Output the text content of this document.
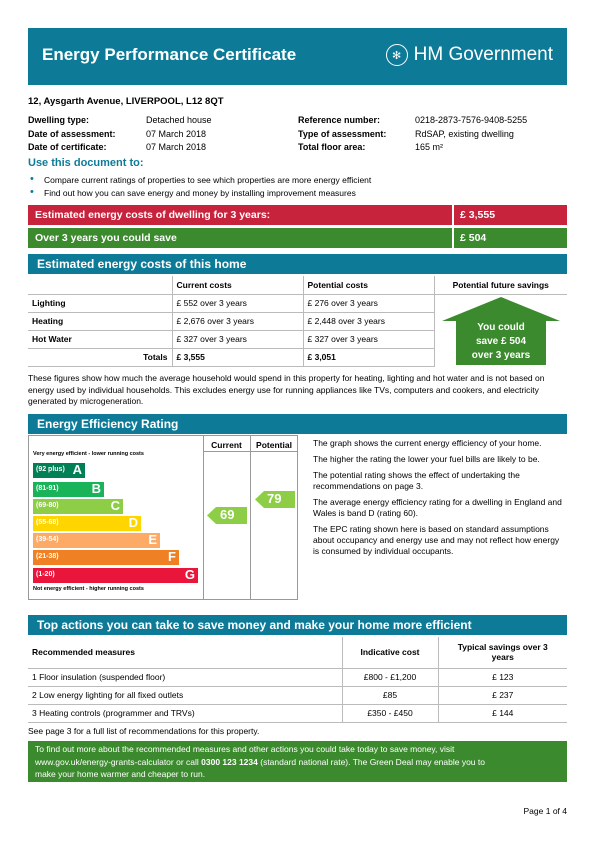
Energy Performance Certificate	✻ HM Government
12, Aysgarth Avenue, LIVERPOOL, L12 8QT
Dwelling type:	Detached house
Date of assessment:	07 March 2018
Date of certificate:	07 March 2018
Reference number:	0218-2873-7576-9408-5255
Type of assessment:	RdSAP, existing dwelling
Total floor area:	165 m²
Use this document to:
• Compare current ratings of properties to see which properties are more energy efficient
• Find out how you can save energy and money by installing improvement measures
Estimated energy costs of dwelling for 3 years:	£ 3,555
Over 3 years you could save	£ 504
Estimated energy costs of this home
	Current costs	Potential costs	Potential future savings
Lighting	£ 552 over 3 years	£ 276 over 3 years	
Heating	£ 2,676 over 3 years	£ 2,448 over 3 years	
Hot Water	£ 327 over 3 years	£ 327 over 3 years	
Totals	£ 3,555	£ 3,051	
You could
save £ 504
over 3 years
These figures show how much the average household would spend in this property for heating, lighting and hot water and is not based on energy used by individual households. This excludes energy use for running appliances like TVs, computers and cookers, and electricity generated by microgeneration.
Energy Efficiency Rating
Current	Potential
Very energy efficient - lower running costs
Not energy efficient - higher running costs
(92 plus) A
(81-91)	B
(69-80)	C
(55-68)	D
(39-54)	E
(21-38)	F
(1-20)	G
69
79

The graph shows the current energy efficiency of your home.

The higher the rating the lower your fuel bills are likely to be.

The potential rating shows the effect of undertaking the recommendations on page 3.

The average energy efficiency rating for a dwelling in England and Wales is band D (rating 60).

The EPC rating shown here is based on standard assumptions about occupancy and energy use and may not reflect how energy is consumed by individual occupants.

Top actions you can take to save money and make your home more efficient
Recommended measures	Indicative cost	Typical savings over 3 years
1 Floor insulation (suspended floor)	£800 - £1,200	£ 123
2 Low energy lighting for all fixed outlets	£85	£ 237
3 Heating controls (programmer and TRVs)	£350 - £450	£ 144
See page 3 for a full list of recommendations for this property.
To find out more about the recommended measures and other actions you could take today to save money, visit
www.gov.uk/energy-grants-calculator or call 0300 123 1234 (standard national rate). The Green Deal may enable you to
make your home warmer and cheaper to run.
Page 1 of 4
